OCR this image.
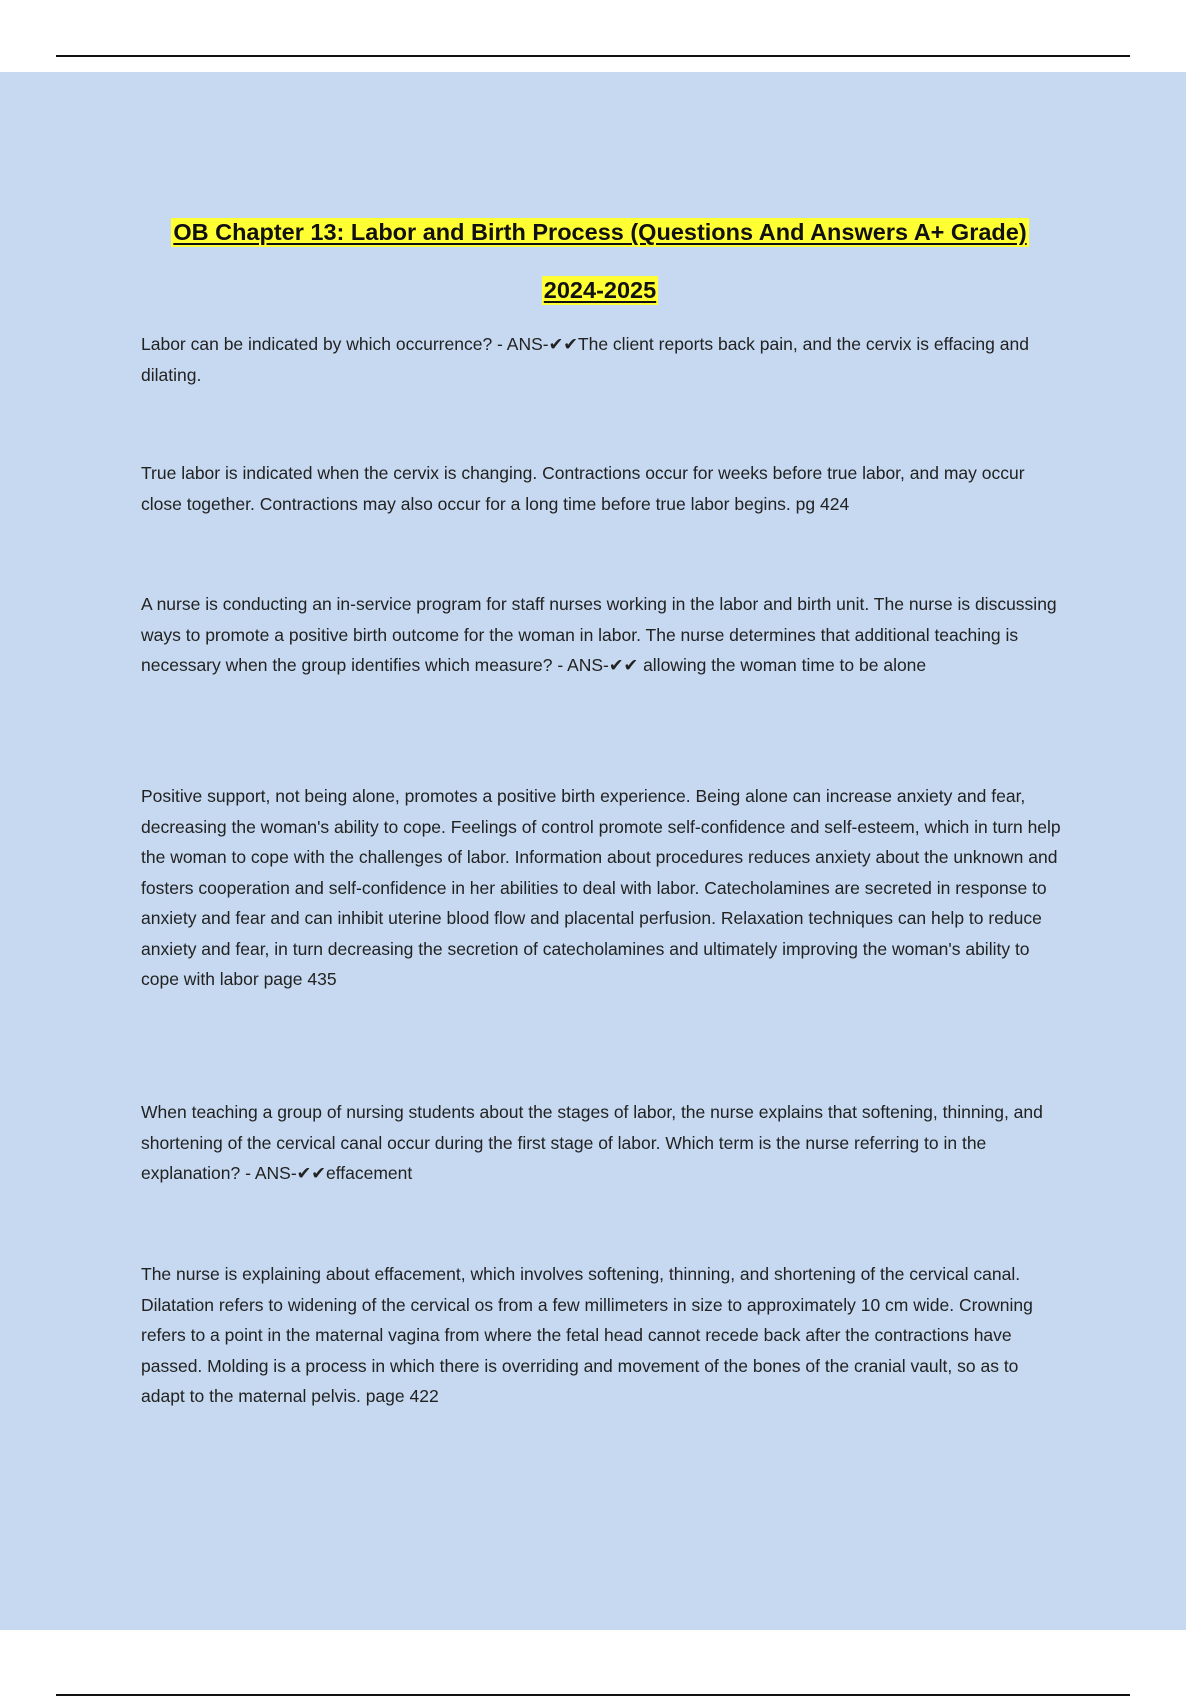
OB Chapter 13: Labor and Birth Process (Questions And Answers A+ Grade)
2024-2025

Labor can be indicated by which occurrence? - ANS-✔✔The client reports back pain, and the cervix is effacing and dilating.

True labor is indicated when the cervix is changing. Contractions occur for weeks before true labor, and may occur close together. Contractions may also occur for a long time before true labor begins. pg 424

A nurse is conducting an in-service program for staff nurses working in the labor and birth unit. The nurse is discussing ways to promote a positive birth outcome for the woman in labor. The nurse determines that additional teaching is necessary when the group identifies which measure? - ANS-✔✔ allowing the woman time to be alone

Positive support, not being alone, promotes a positive birth experience. Being alone can increase anxiety and fear, decreasing the woman's ability to cope. Feelings of control promote self-confidence and self-esteem, which in turn help the woman to cope with the challenges of labor. Information about procedures reduces anxiety about the unknown and fosters cooperation and self-confidence in her abilities to deal with labor. Catecholamines are secreted in response to anxiety and fear and can inhibit uterine blood flow and placental perfusion. Relaxation techniques can help to reduce anxiety and fear, in turn decreasing the secretion of catecholamines and ultimately improving the woman's ability to cope with labor page 435

When teaching a group of nursing students about the stages of labor, the nurse explains that softening, thinning, and shortening of the cervical canal occur during the first stage of labor. Which term is the nurse referring to in the explanation? - ANS-✔✔effacement

The nurse is explaining about effacement, which involves softening, thinning, and shortening of the cervical canal. Dilatation refers to widening of the cervical os from a few millimeters in size to approximately 10 cm wide. Crowning refers to a point in the maternal vagina from where the fetal head cannot recede back after the contractions have passed. Molding is a process in which there is overriding and movement of the bones of the cranial vault, so as to adapt to the maternal pelvis. page 422
